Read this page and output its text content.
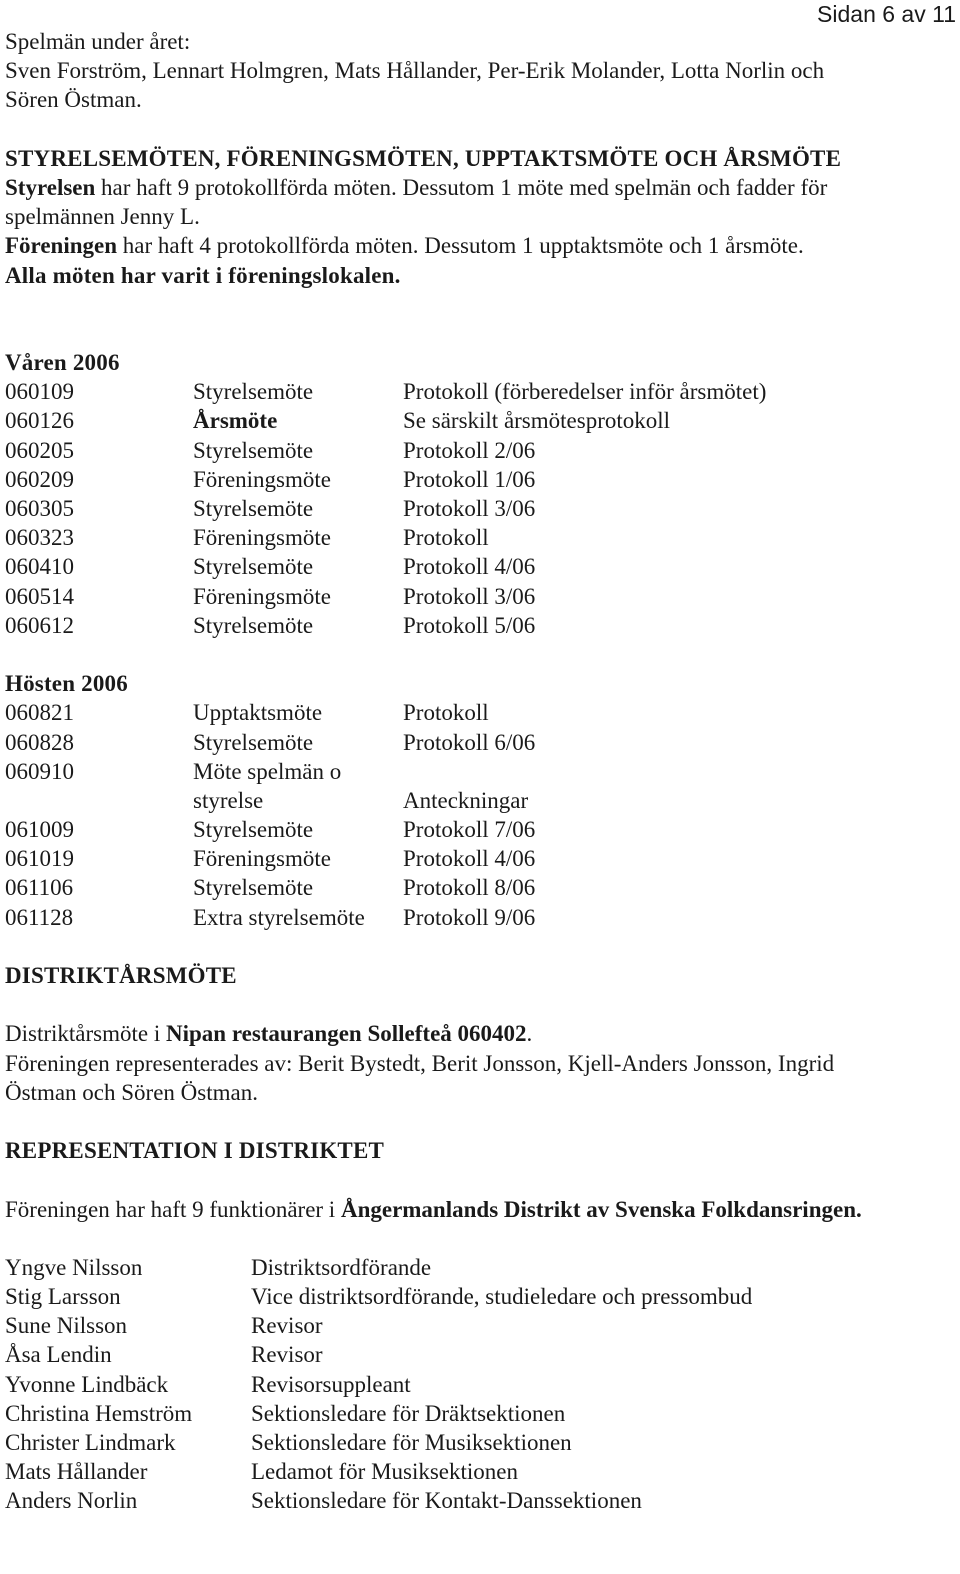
Sidan 6 av 11
Spelmän under året:
Sven Forström, Lennart Holmgren, Mats Hållander, Per-Erik Molander, Lotta Norlin och
Sören Östman.
STYRELSEMÖTEN, FÖRENINGSMÖTEN, UPPTAKTSMÖTE OCH ÅRSMÖTE
Styrelsen har haft 9 protokollförda möten. Dessutom 1 möte med spelmän och fadder för
spelmännen Jenny L.
Föreningen har haft 4 protokollförda möten. Dessutom 1 upptaktsmöte och 1 årsmöte.
Alla möten har varit i föreningslokalen.
Våren 2006
060109	Styrelsemöte	Protokoll (förberedelser inför årsmötet)
060126	Årsmöte	Se särskilt årsmötesprotokoll
060205	Styrelsemöte	Protokoll 2/06
060209	Föreningsmöte	Protokoll 1/06
060305	Styrelsemöte	Protokoll 3/06
060323	Föreningsmöte	Protokoll
060410	Styrelsemöte	Protokoll 4/06
060514	Föreningsmöte	Protokoll 3/06
060612	Styrelsemöte	Protokoll 5/06
Hösten 2006
060821	Upptaktsmöte	Protokoll
060828	Styrelsemöte	Protokoll 6/06
060910	Möte spelmän o
styrelse	Anteckningar
061009	Styrelsemöte	Protokoll 7/06
061019	Föreningsmöte	Protokoll 4/06
061106	Styrelsemöte	Protokoll 8/06
061128	Extra styrelsemöte	Protokoll 9/06
DISTRIKTÅRSMÖTE
Distriktårsmöte i Nipan restaurangen Sollefteå 060402.
Föreningen representerades av: Berit Bystedt, Berit Jonsson, Kjell-Anders Jonsson, Ingrid
Östman och Sören Östman.
REPRESENTATION I DISTRIKTET
Föreningen har haft 9 funktionärer i Ångermanlands Distrikt av Svenska Folkdansringen.
Yngve Nilsson	Distriktsordförande
Stig Larsson	Vice distriktsordförande, studieledare och pressombud
Sune Nilsson	Revisor
Åsa Lendin	Revisor
Yvonne Lindbäck	Revisorsuppleant
Christina Hemström	Sektionsledare för Dräktsektionen
Christer Lindmark	Sektionsledare för Musiksektionen
Mats Hållander	Ledamot för Musiksektionen
Anders Norlin	Sektionsledare för Kontakt-Danssektionen
